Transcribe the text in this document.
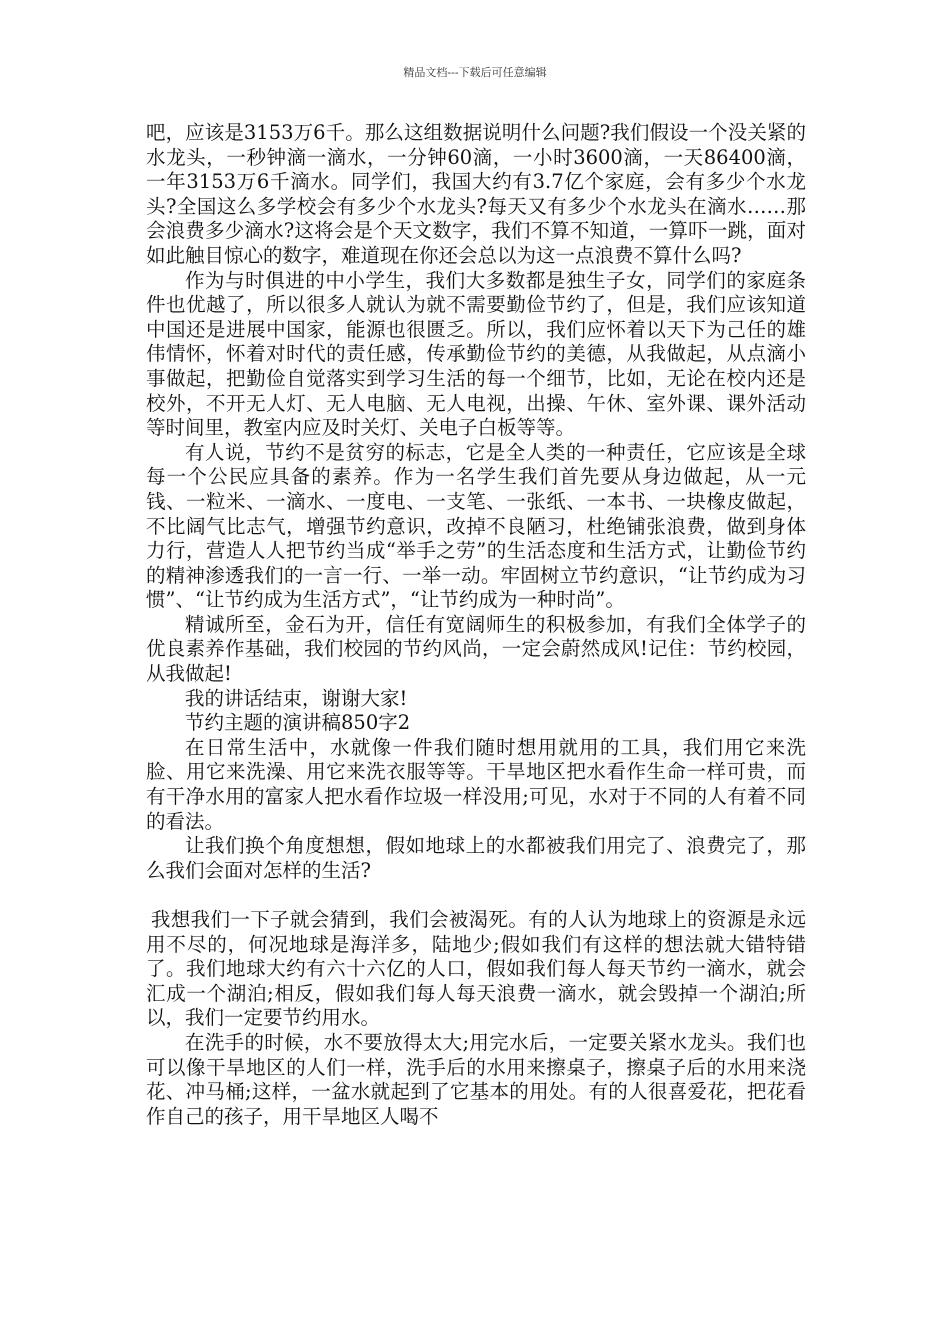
精品文档---下载后可任意编辑

吧，应该是3153万6千。那么这组数据说明什么问题?我们假设一个没关紧的水龙头，一秒钟滴一滴水，一分钟60滴，一小时3600滴，一天86400滴，一年3153万6千滴水。同学们，我国大约有3.7亿个家庭，会有多少个水龙头?全国这么多学校会有多少个水龙头?每天又有多少个水龙头在滴水……那会浪费多少滴水?这将会是个天文数字，我们不算不知道，一算吓一跳，面对如此触目惊心的数字，难道现在你还会总以为这一点浪费不算什么吗?

作为与时俱进的中小学生，我们大多数都是独生子女，同学们的家庭条件也优越了，所以很多人就认为就不需要勤俭节约了，但是，我们应该知道中国还是进展中国家，能源也很匮乏。所以，我们应怀着以天下为己任的雄伟情怀，怀着对时代的责任感，传承勤俭节约的美德，从我做起，从点滴小事做起，把勤俭自觉落实到学习生活的每一个细节，比如，无论在校内还是校外，不开无人灯、无人电脑、无人电视，出操、午休、室外课、课外活动等时间里，教室内应及时关灯、关电子白板等等。

有人说，节约不是贫穷的标志，它是全人类的一种责任，它应该是全球每一个公民应具备的素养。作为一名学生我们首先要从身边做起，从一元钱、一粒米、一滴水、一度电、一支笔、一张纸、一本书、一块橡皮做起，不比阔气比志气，增强节约意识，改掉不良陋习，杜绝铺张浪费，做到身体力行，营造人人把节约当成“举手之劳”的生活态度和生活方式，让勤俭节约的精神渗透我们的一言一行、一举一动。牢固树立节约意识，“让节约成为习惯”、“让节约成为生活方式”，“让节约成为一种时尚”。

精诚所至，金石为开，信任有宽阔师生的积极参加，有我们全体学子的优良素养作基础，我们校园的节约风尚，一定会蔚然成风!记住：节约校园，从我做起!

我的讲话结束，谢谢大家!

节约主题的演讲稿850字2

在日常生活中，水就像一件我们随时想用就用的工具，我们用它来洗脸、用它来洗澡、用它来洗衣服等等。干旱地区把水看作生命一样可贵，而有干净水用的富家人把水看作垃圾一样没用;可见，水对于不同的人有着不同的看法。

让我们换个角度想想，假如地球上的水都被我们用完了、浪费完了，那么我们会面对怎样的生活?

我想我们一下子就会猜到，我们会被渴死。有的人认为地球上的资源是永远用不尽的，何况地球是海洋多，陆地少;假如我们有这样的想法就大错特错了。我们地球大约有六十六亿的人口，假如我们每人每天节约一滴水，就会汇成一个湖泊;相反，假如我们每人每天浪费一滴水，就会毁掉一个湖泊;所以，我们一定要节约用水。

在洗手的时候，水不要放得太大;用完水后，一定要关紧水龙头。我们也可以像干旱地区的人们一样，洗手后的水用来擦桌子，擦桌子后的水用来浇花、冲马桶;这样，一盆水就起到了它基本的用处。有的人很喜爱花，把花看作自己的孩子，用干旱地区人喝不
